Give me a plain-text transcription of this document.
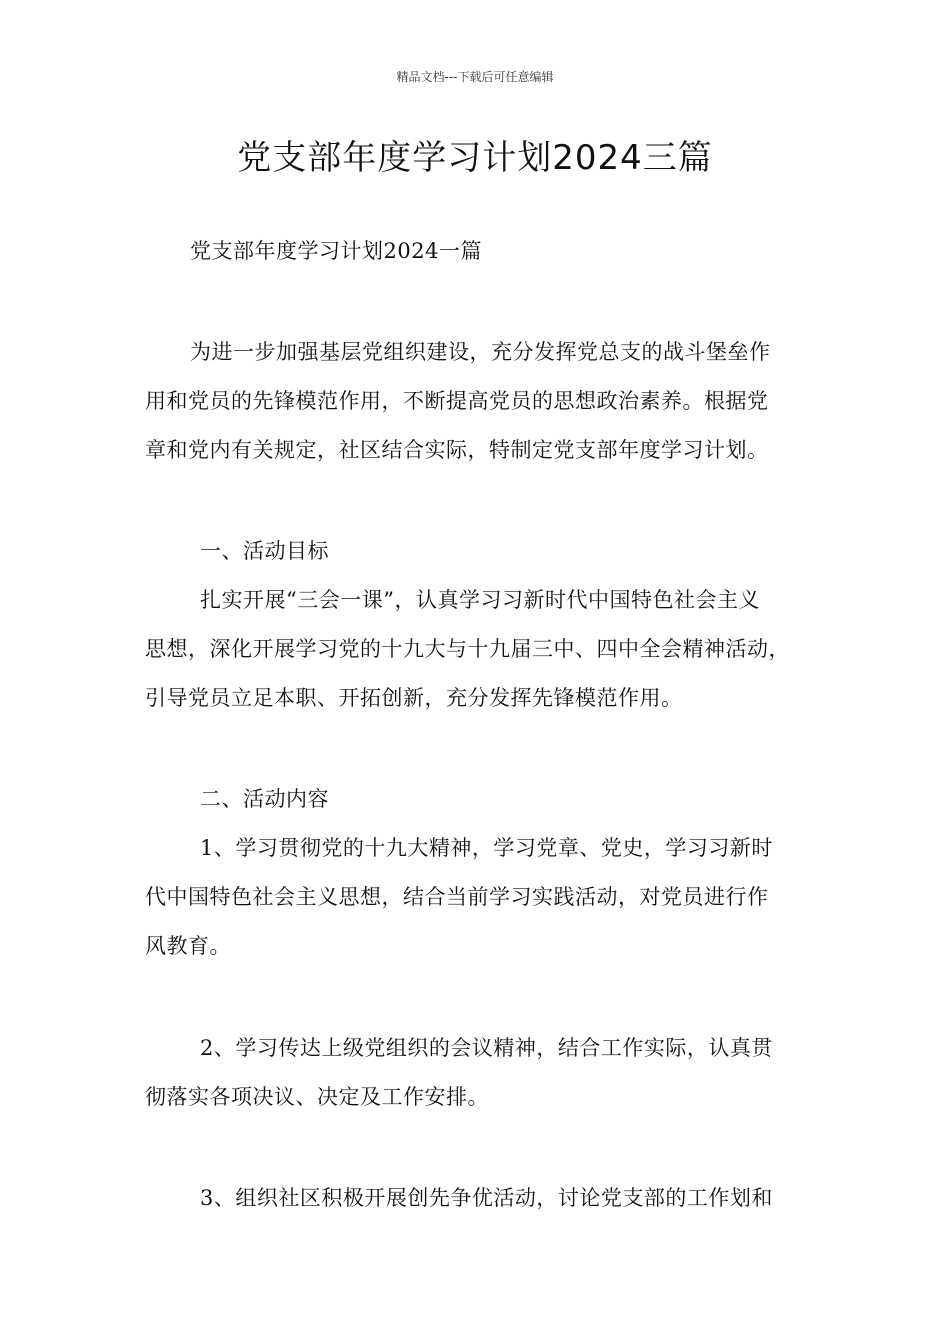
精品文档---下载后可任意编辑
党支部年度学习计划2024三篇
党支部年度学习计划2024一篇
为进一步加强基层党组织建设，充分发挥党总支的战斗堡垒作
用和党员的先锋模范作用，不断提高党员的思想政治素养。根据党
章和党内有关规定，社区结合实际，特制定党支部年度学习计划。
一、活动目标
扎实开展“三会一课”，认真学习习新时代中国特色社会主义
思想，深化开展学习党的十九大与十九届三中、四中全会精神活动，
引导党员立足本职、开拓创新，充分发挥先锋模范作用。
二、活动内容
1、学习贯彻党的十九大精神，学习党章、党史，学习习新时
代中国特色社会主义思想，结合当前学习实践活动，对党员进行作
风教育。
2、学习传达上级党组织的会议精神，结合工作实际，认真贯
彻落实各项决议、决定及工作安排。
3、组织社区积极开展创先争优活动，讨论党支部的工作划和
